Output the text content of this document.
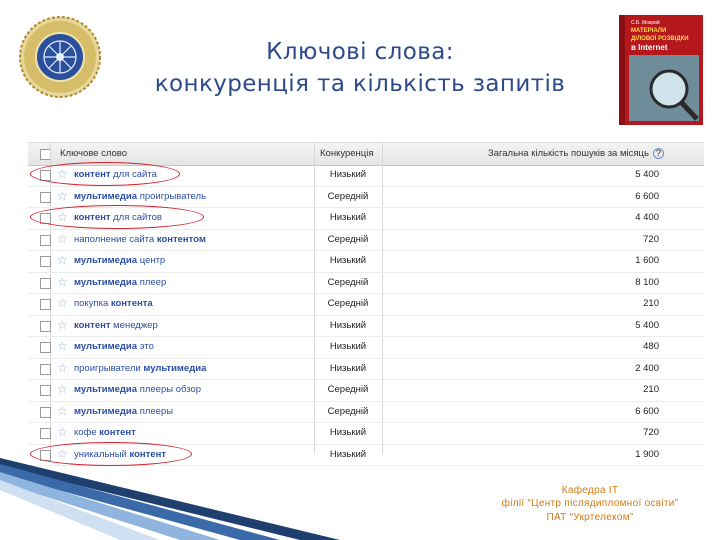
Ключові слова:
конкуренція та кількість запитів
С.Б. Мокрий
МАТЕРІАЛИ
ДІЛОВОЇ РОЗВІДКИ
в Internet
Ключове слово	Конкуренція	Загальна кількість пошуків за місяць ?
☆ контент для сайта	Низький	5 400
☆ мультимедиа проигрыватель	Середній	6 600
☆ контент для сайтов	Низький	4 400
☆ наполнение сайта контентом	Середній	720
☆ мультимедиа центр	Низький	1 600
☆ мультимедиа плеер	Середній	8 100
☆ покупка контента	Середній	210
☆ контент менеджер	Низький	5 400
☆ мультимедиа это	Низький	480
☆ проигрыватели мультимедиа	Низький	2 400
☆ мультимедиа плееры обзор	Середній	210
☆ мультимедиа плееры	Середній	6 600
☆ кофе контент	Низький	720
☆ уникальный контент	Низький	1 900
Кафедра ІТ
філії “Центр післядипломної освіти”
ПАТ “Укртелеком”
